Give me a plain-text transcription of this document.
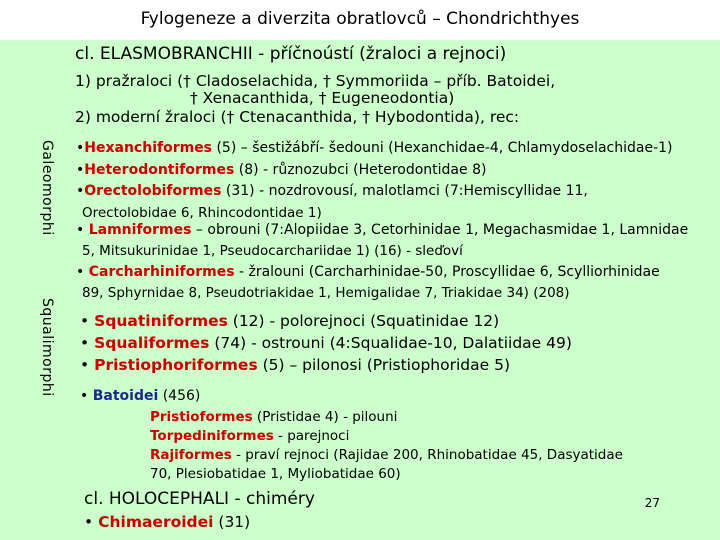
Fylogeneze a diverzita obratlovců – Chondrichthyes
cl. ELASMOBRANCHII - příčnoústí (žraloci a rejnoci)
1) pražraloci († Cladoselachida, † Symmoriida – příb. Batoidei,
† Xenacanthida, † Eugeneodontia)
2) moderní žraloci († Ctenacanthida, † Hybodontida), rec:
Galeomorphi
Squalimorphi
•Hexanchiformes (5) – šestižábří- šedouni (Hexanchidae-4, Chlamydoselachidae-1)
•Heterodontiformes (8) - různozubci (Heterodontidae 8)
•Orectolobiformes (31) - nozdrovousí, malotlamci (7:Hemiscyllidae 11,
Orectolobidae 6, Rhincodontidae 1)
• Lamniformes – obrouni (7:Alopiidae 3, Cetorhinidae 1, Megachasmidae 1, Lamnidae
5, Mitsukurinidae 1, Pseudocarchariidae 1) (16) - sleďoví
• Carcharhiniformes - žralouni (Carcharhinidae-50, Proscyllidae 6, Scylliorhinidae
89, Sphyrnidae 8, Pseudotriakidae 1, Hemigalidae 7, Triakidae 34) (208)
• Squatiniformes (12) - polorejnoci (Squatinidae 12)
• Squaliformes (74) - ostrouni (4:Squalidae-10, Dalatiidae 49)
• Pristiophoriformes (5) – pilonosi (Pristiophoridae 5)
• Batoidei (456)
Pristioformes (Pristidae 4) - pilouni
Torpediniformes - parejnoci
Rajiformes - praví rejnoci (Rajidae 200, Rhinobatidae 45, Dasyatidae
70, Plesiobatidae 1, Myliobatidae 60)
cl. HOLOCEPHALI - chiméry
• Chimaeroidei (31)
27
